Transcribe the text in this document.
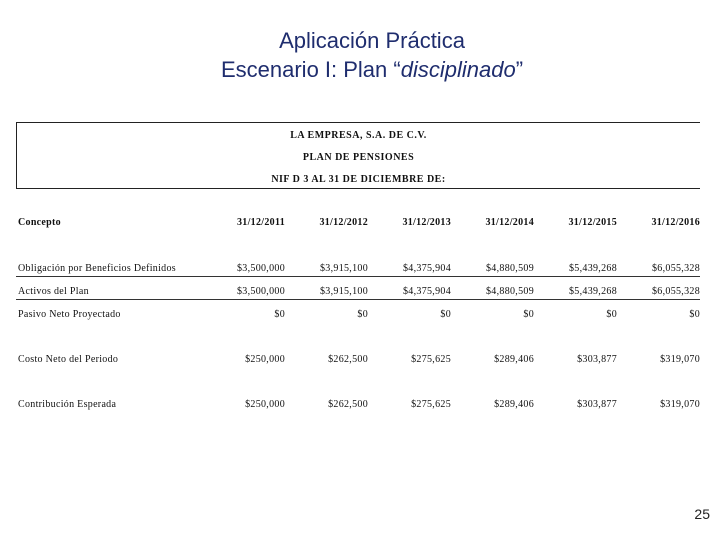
Aplicación Práctica
Escenario I: Plan “disciplinado”
LA EMPRESA, S.A. DE C.V.
PLAN DE PENSIONES
NIF D 3 AL 31 DE DICIEMBRE DE:
Concepto	31/12/2011	31/12/2012	31/12/2013	31/12/2014	31/12/2015	31/12/2016
Obligación por Beneficios Definidos	$3,500,000	$3,915,100	$4,375,904	$4,880,509	$5,439,268	$6,055,328
Activos del Plan	$3,500,000	$3,915,100	$4,375,904	$4,880,509	$5,439,268	$6,055,328
Pasivo Neto Proyectado	$0	$0	$0	$0	$0	$0
Costo Neto del Periodo	$250,000	$262,500	$275,625	$289,406	$303,877	$319,070
Contribución Esperada	$250,000	$262,500	$275,625	$289,406	$303,877	$319,070
25
